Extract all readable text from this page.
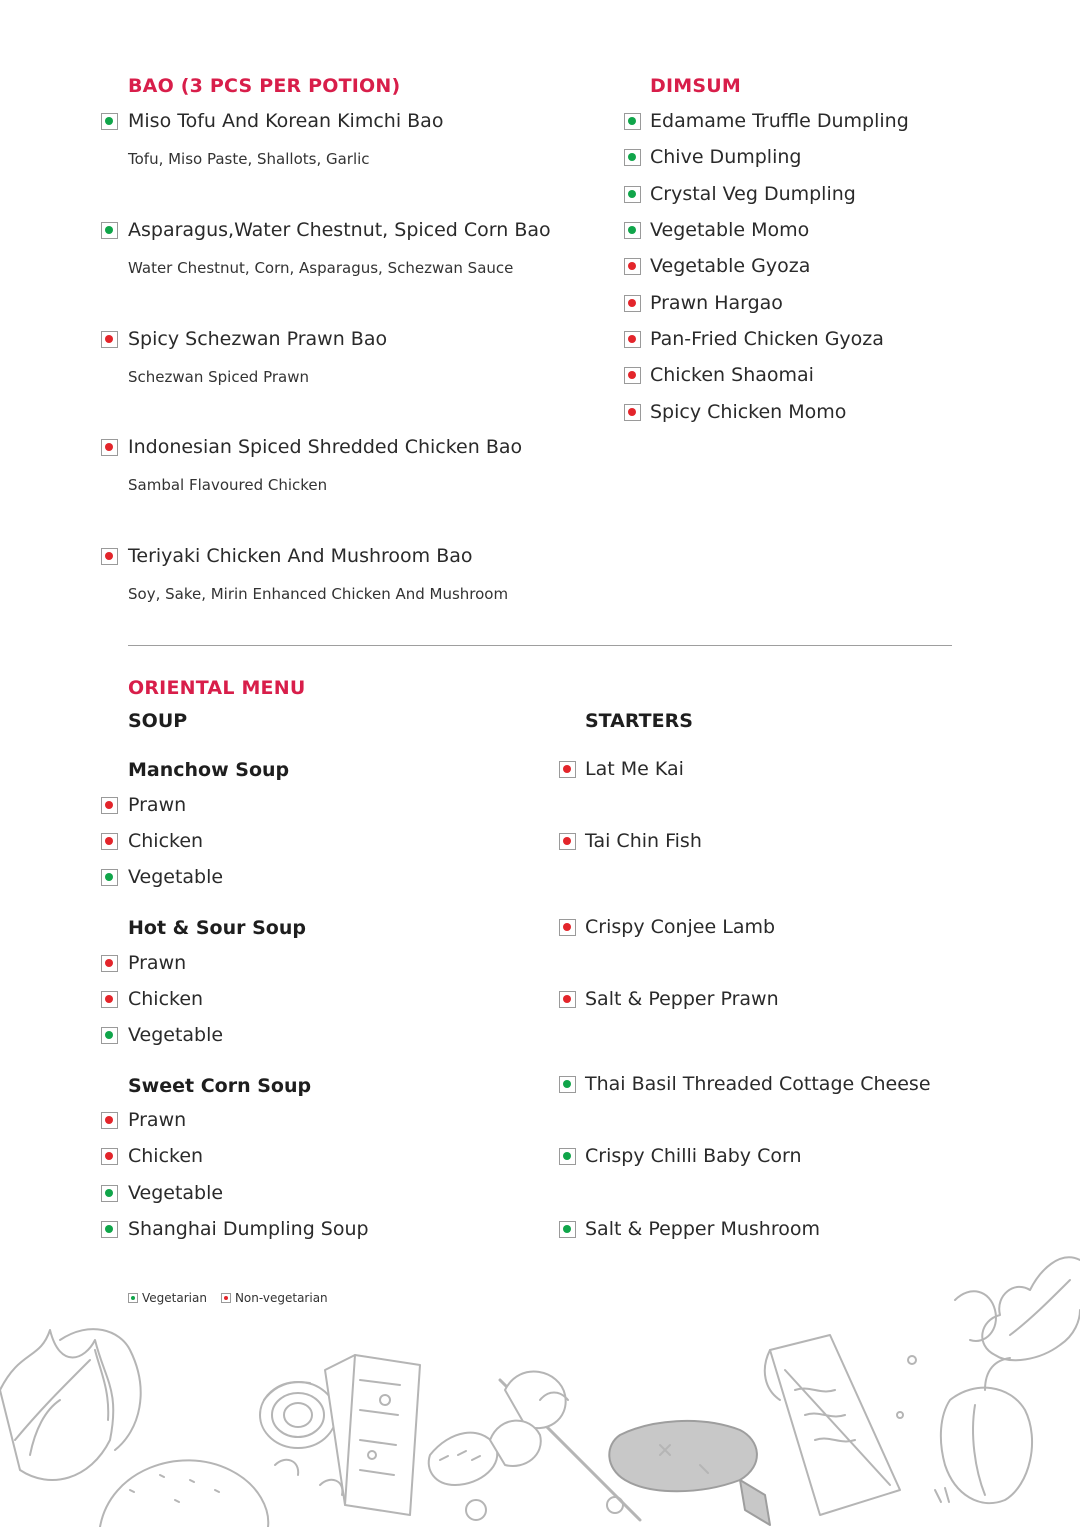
BAO (3 PCS PER POTION)
Miso Tofu And Korean Kimchi Bao
Tofu, Miso Paste, Shallots, Garlic
Asparagus,Water Chestnut, Spiced Corn Bao
Water Chestnut, Corn, Asparagus, Schezwan Sauce
Spicy Schezwan Prawn Bao
Schezwan Spiced Prawn
Indonesian Spiced Shredded Chicken Bao
Sambal Flavoured Chicken
Teriyaki Chicken And Mushroom Bao
Soy, Sake, Mirin Enhanced Chicken And Mushroom
DIMSUM
Edamame Truffle Dumpling
Chive Dumpling
Crystal Veg Dumpling
Vegetable Momo
Vegetable Gyoza
Prawn Hargao
Pan-Fried Chicken Gyoza
Chicken Shaomai
Spicy Chicken Momo
ORIENTAL MENU
SOUP	STARTERS
Manchow Soup
Prawn
Chicken
Vegetable
Hot & Sour Soup
Prawn
Chicken
Vegetable
Sweet Corn Soup
Prawn
Chicken
Vegetable
Shanghai Dumpling Soup
Lat Me Kai
Tai Chin Fish
Crispy Conjee Lamb
Salt & Pepper Prawn
Thai Basil Threaded Cottage Cheese
Crispy Chilli Baby Corn
Salt & Pepper Mushroom
Vegetarian Non-vegetarian
